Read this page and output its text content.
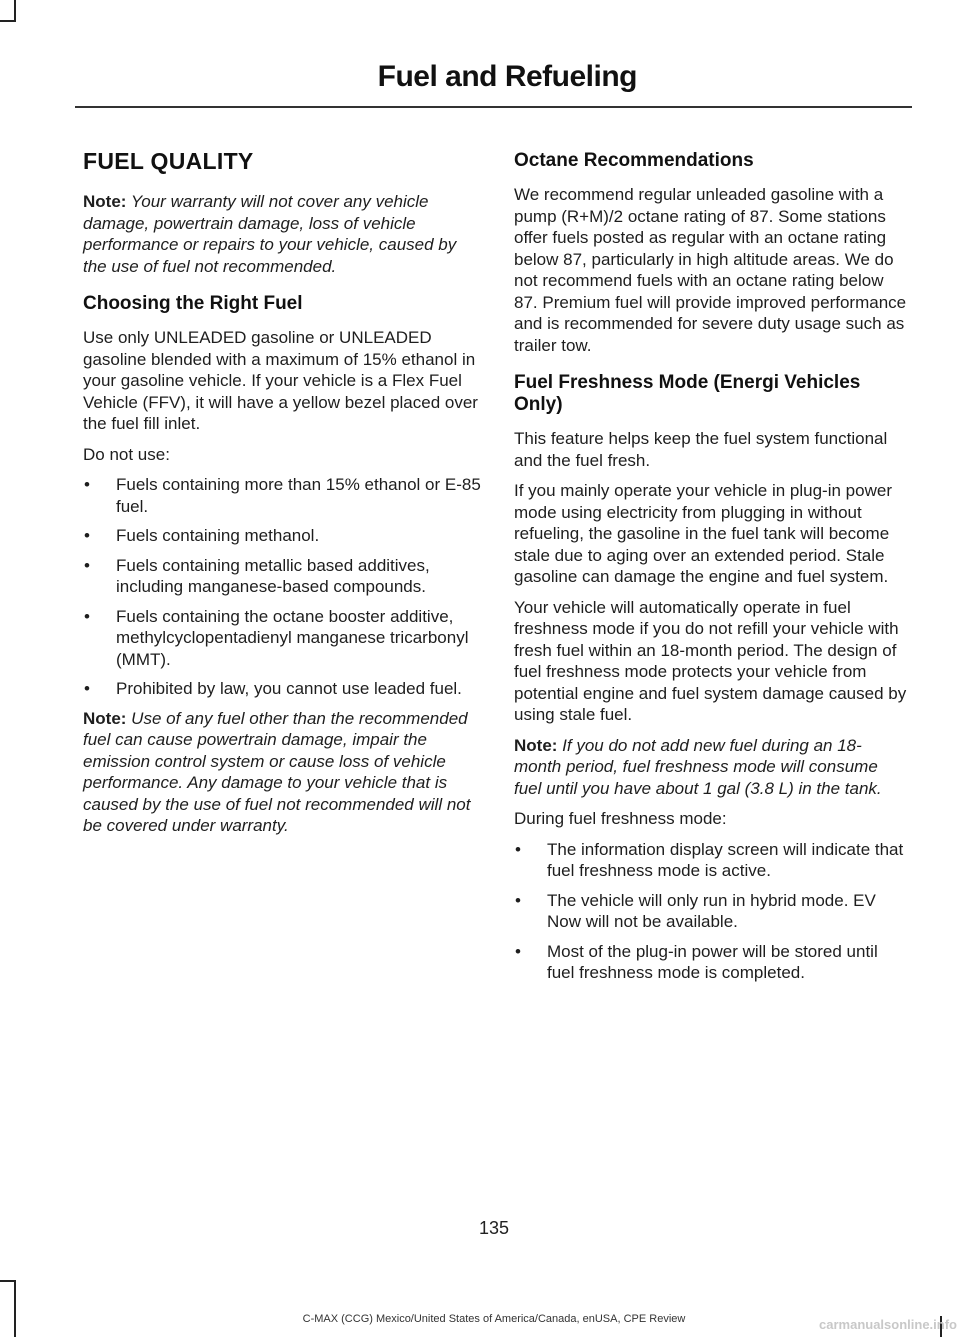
Fuel and Refueling
FUEL QUALITY

Note: Your warranty will not cover any vehicle damage, powertrain damage, loss of vehicle performance or repairs to your vehicle, caused by the use of fuel not recommended.

Choosing the Right Fuel

Use only UNLEADED gasoline or UNLEADED gasoline blended with a maximum of 15% ethanol in your gasoline vehicle. If your vehicle is a Flex Fuel Vehicle (FFV), it will have a yellow bezel placed over the fuel fill inlet.

Do not use:

• Fuels containing more than 15% ethanol or E-85 fuel.
• Fuels containing methanol.
• Fuels containing metallic based additives, including manganese-based compounds.
• Fuels containing the octane booster additive, methylcyclopentadienyl manganese tricarbonyl (MMT).
• Prohibited by law, you cannot use leaded fuel.

Note: Use of any fuel other than the recommended fuel can cause powertrain damage, impair the emission control system or cause loss of vehicle performance. Any damage to your vehicle that is caused by the use of fuel not recommended will not be covered under warranty.

Octane Recommendations

We recommend regular unleaded gasoline with a pump (R+M)/2 octane rating of 87. Some stations offer fuels posted as regular with an octane rating below 87, particularly in high altitude areas. We do not recommend fuels with an octane rating below 87. Premium fuel will provide improved performance and is recommended for severe duty usage such as trailer tow.

Fuel Freshness Mode (Energi Vehicles Only)

This feature helps keep the fuel system functional and the fuel fresh.

If you mainly operate your vehicle in plug-in power mode using electricity from plugging in without refueling, the gasoline in the fuel tank will become stale due to aging over an extended period. Stale gasoline can damage the engine and fuel system.

Your vehicle will automatically operate in fuel freshness mode if you do not refill your vehicle with fresh fuel within an 18-month period. The design of fuel freshness mode protects your vehicle from potential engine and fuel system damage caused by using stale fuel.

Note: If you do not add new fuel during an 18-month period, fuel freshness mode will consume fuel until you have about 1 gal (3.8 L) in the tank.

During fuel freshness mode:

• The information display screen will indicate that fuel freshness mode is active.
• The vehicle will only run in hybrid mode. EV Now will not be available.
• Most of the plug-in power will be stored until fuel freshness mode is completed.
135
C-MAX (CCG) Mexico/United States of America/Canada, enUSA, CPE Review	carmanualsonline.info
